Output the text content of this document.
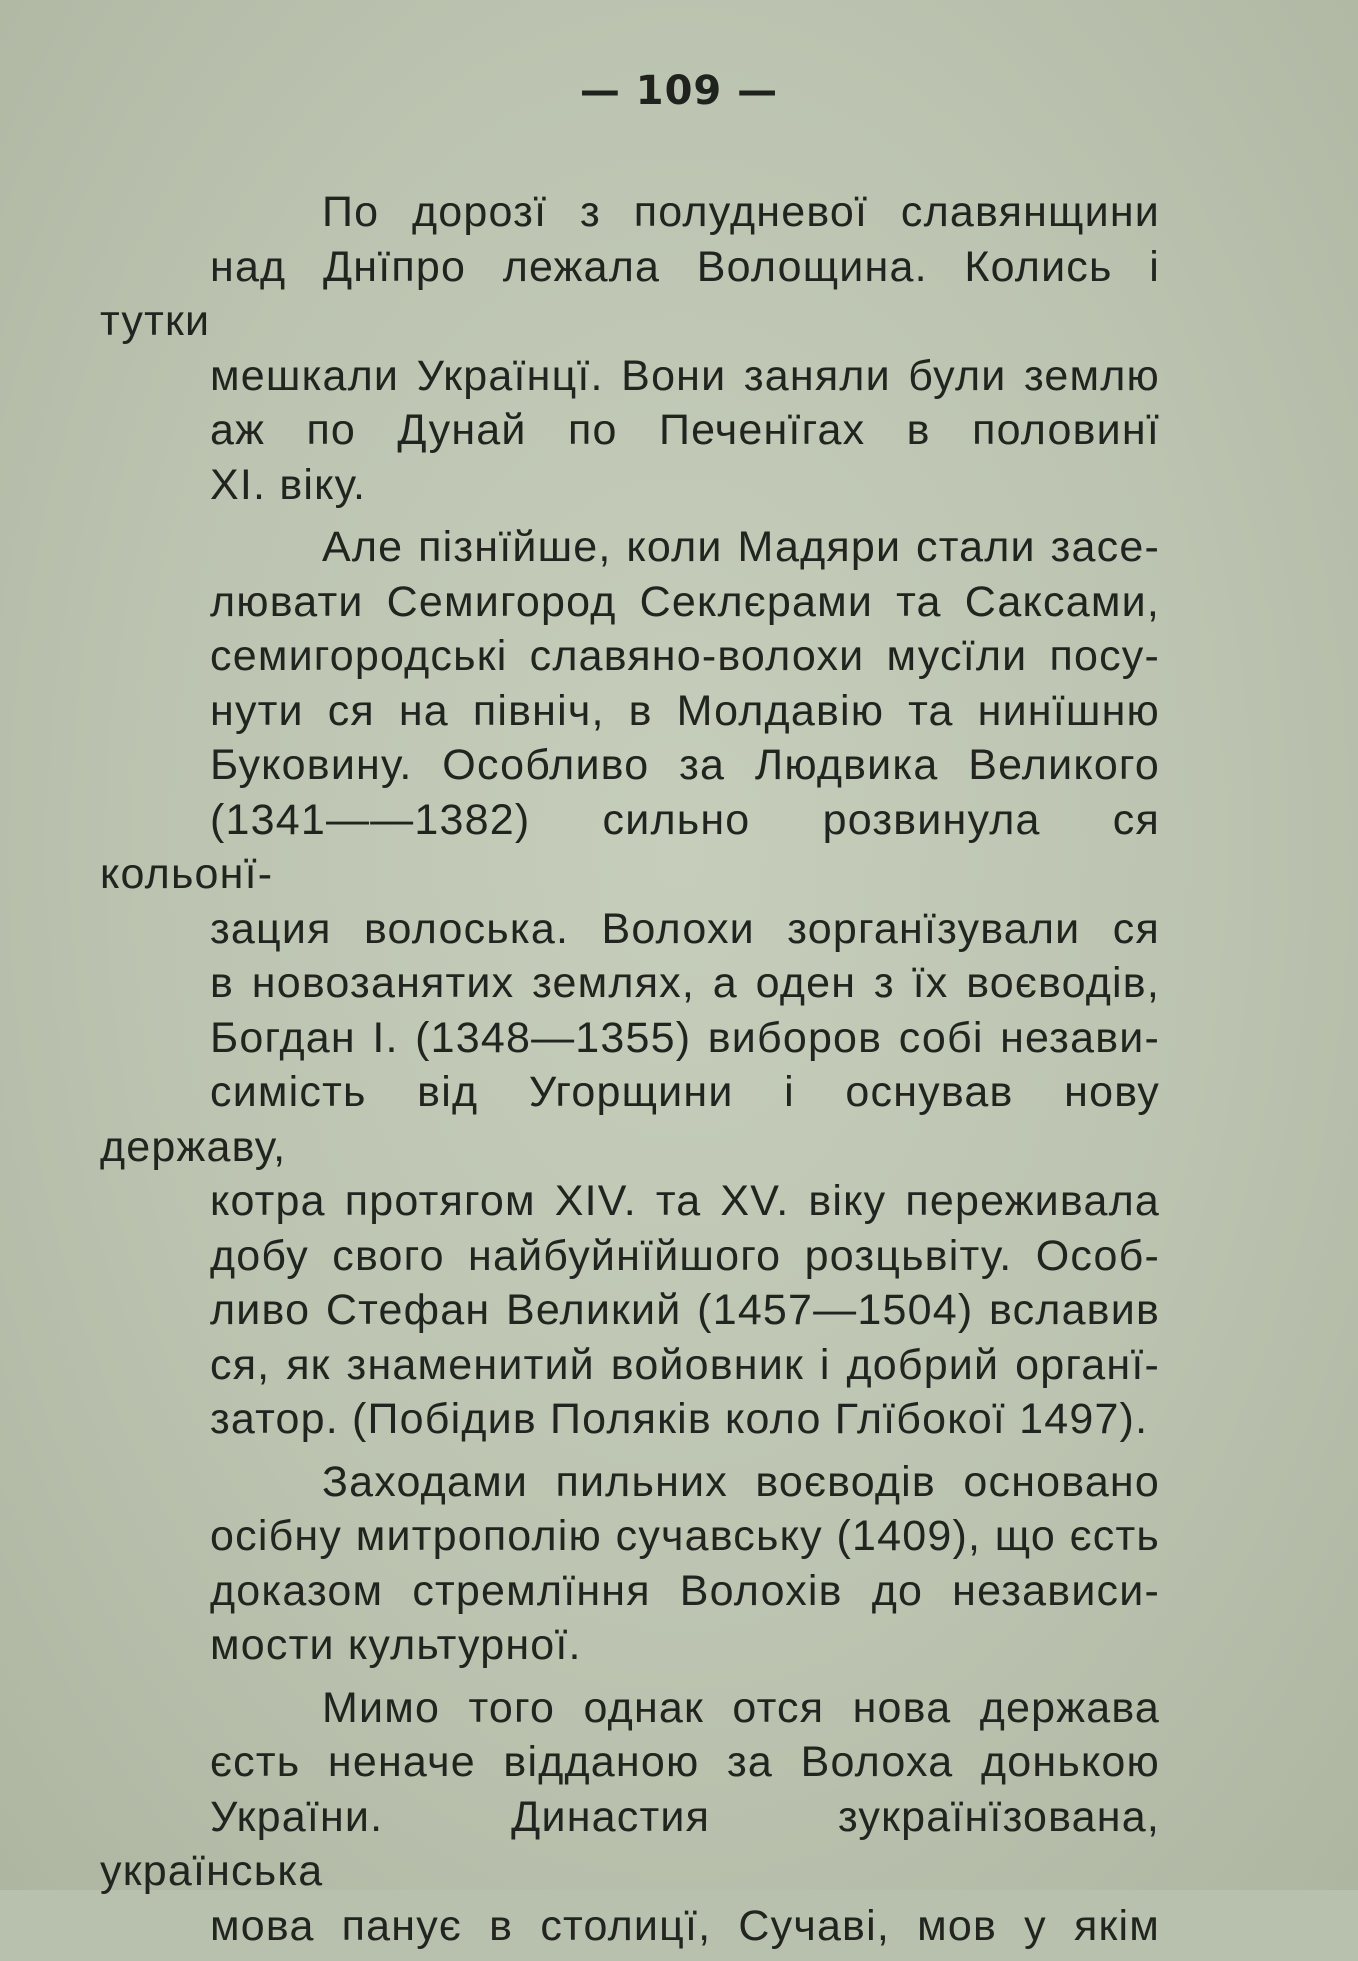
— 109 —
По дорозї з полудневої славянщини
над Днїпро лежала Волощина. Колись і тутки
мешкали Українцї. Вони заняли були землю
аж по Дунай по Печенїгах в половинї
XI. віку.
Але пізнїйше, коли Мадяри стали засе-
лювати Семигород Секлєрами та Саксами,
семигородські славяно-волохи мусїли посу-
нути ся на північ, в Молдавію та нинїшню
Буковину. Особливо за Людвика Великого
(1341——1382) сильно розвинула ся кольонї-
зация волоська. Волохи зорганїзували ся
в новозанятих землях, а оден з їх воєводів,
Богдан I. (1348—1355) виборов собі незави-
симість від Угорщини і оснував нову державу,
котра протягом XIV. та XV. віку переживала
добу свого найбуйнїйшого розцьвіту. Особ-
ливо Стефан Великий (1457—1504) вславив
ся, як знаменитий войовник і добрий органї-
затор. (Побідив Поляків коло Глїбокої 1497).
Заходами пильних воєводів основано
осібну митрополію сучавську (1409), що єсть
доказом стремлїння Волохів до независи-
мости культурної.
Мимо того однак отся нова держава
єсть неначе відданою за Волоха донькою
України. Династия зукраїнїзована, українська
мова панує в столицї, Сучаві, мов у якім
